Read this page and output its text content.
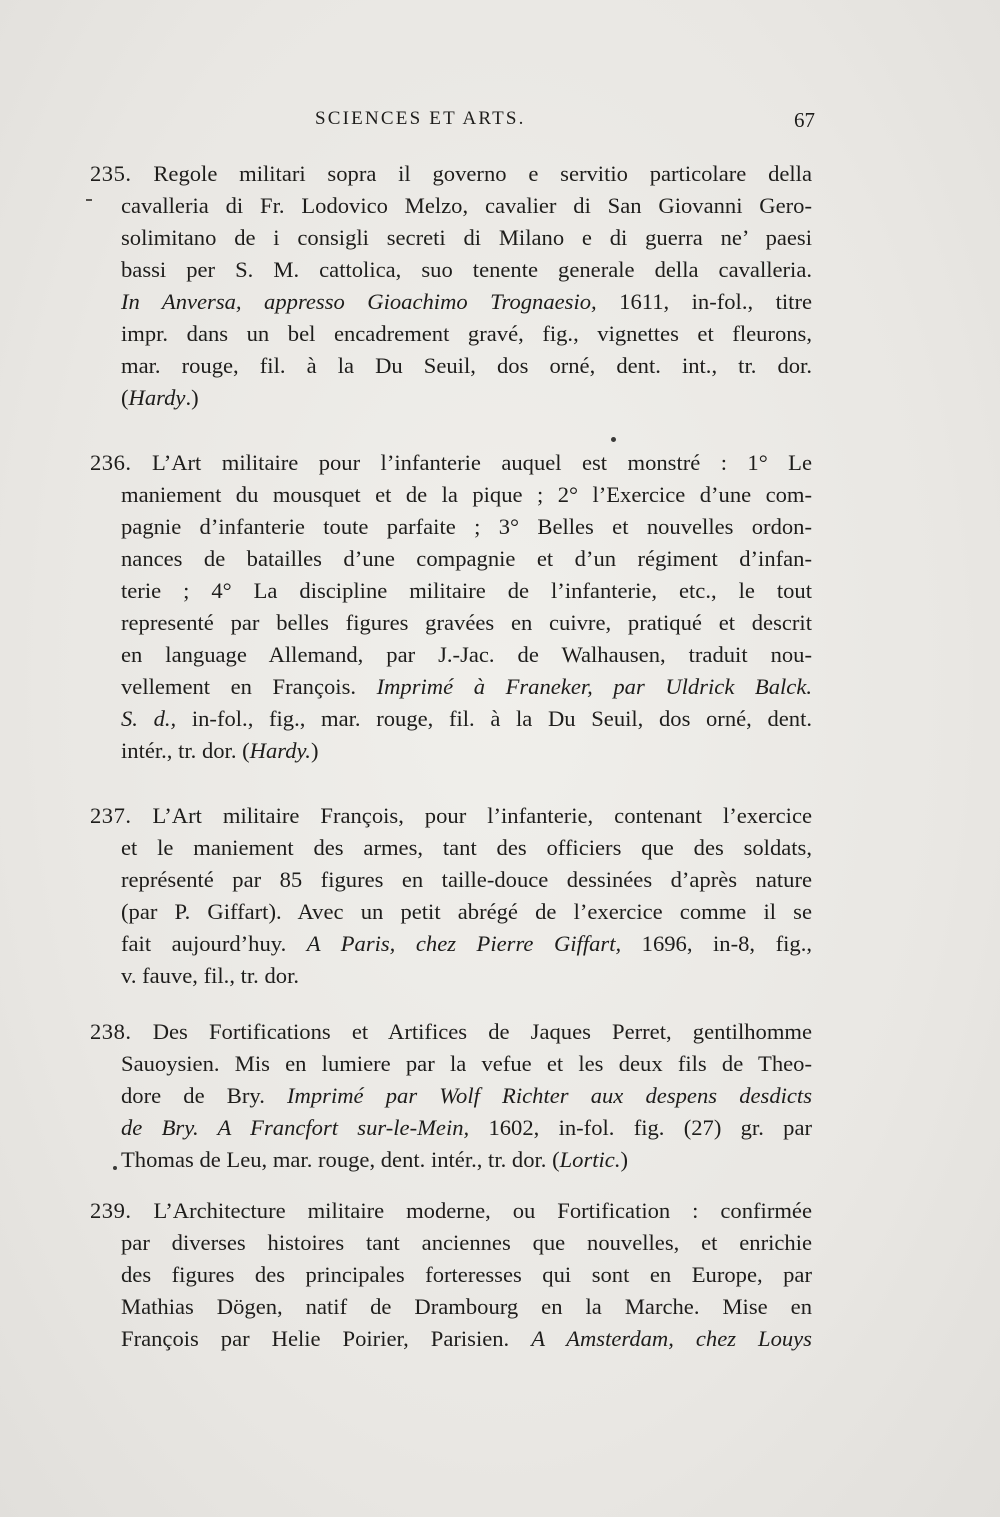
SCIENCES ET ARTS.	67
235. Regole militari sopra il governo e servitio particolare della
cavalleria di Fr. Lodovico Melzo, cavalier di San Giovanni Gero-
solimitano de i consigli secreti di Milano e di guerra ne’ paesi
bassi per S. M. cattolica, suo tenente generale della cavalleria.
In Anversa, appresso Gioachimo Trognaesio, 1611, in-fol., titre
impr. dans un bel encadrement gravé, fig., vignettes et fleurons,
mar. rouge, fil. à la Du Seuil, dos orné, dent. int., tr. dor.
(Hardy.)
236. L’Art militaire pour l’infanterie auquel est monstré : 1° Le
maniement du mousquet et de la pique ; 2° l’Exercice d’une com-
pagnie d’infanterie toute parfaite ; 3° Belles et nouvelles ordon-
nances de batailles d’une compagnie et d’un régiment d’infan-
terie ; 4° La discipline militaire de l’infanterie, etc., le tout
representé par belles figures gravées en cuivre, pratiqué et descrit
en language Allemand, par J.-Jac. de Walhausen, traduit nou-
vellement en François. Imprimé à Franeker, par Uldrick Balck.
S. d., in-fol., fig., mar. rouge, fil. à la Du Seuil, dos orné, dent.
intér., tr. dor. (Hardy.)
237. L’Art militaire François, pour l’infanterie, contenant l’exercice
et le maniement des armes, tant des officiers que des soldats,
représenté par 85 figures en taille-douce dessinées d’après nature
(par P. Giffart). Avec un petit abrégé de l’exercice comme il se
fait aujourd’huy. A Paris, chez Pierre Giffart, 1696, in-8, fig.,
v. fauve, fil., tr. dor.
238. Des Fortifications et Artifices de Jaques Perret, gentilhomme
Sauoysien. Mis en lumiere par la vefue et les deux fils de Theo-
dore de Bry. Imprimé par Wolf Richter aux despens desdicts
de Bry. A Francfort sur-le-Mein, 1602, in-fol. fig. (27) gr. par
Thomas de Leu, mar. rouge, dent. intér., tr. dor. (Lortic.)
239. L’Architecture militaire moderne, ou Fortification : confirmée
par diverses histoires tant anciennes que nouvelles, et enrichie
des figures des principales forteresses qui sont en Europe, par
Mathias Dögen, natif de Drambourg en la Marche. Mise en
François par Helie Poirier, Parisien. A Amsterdam, chez Louys
